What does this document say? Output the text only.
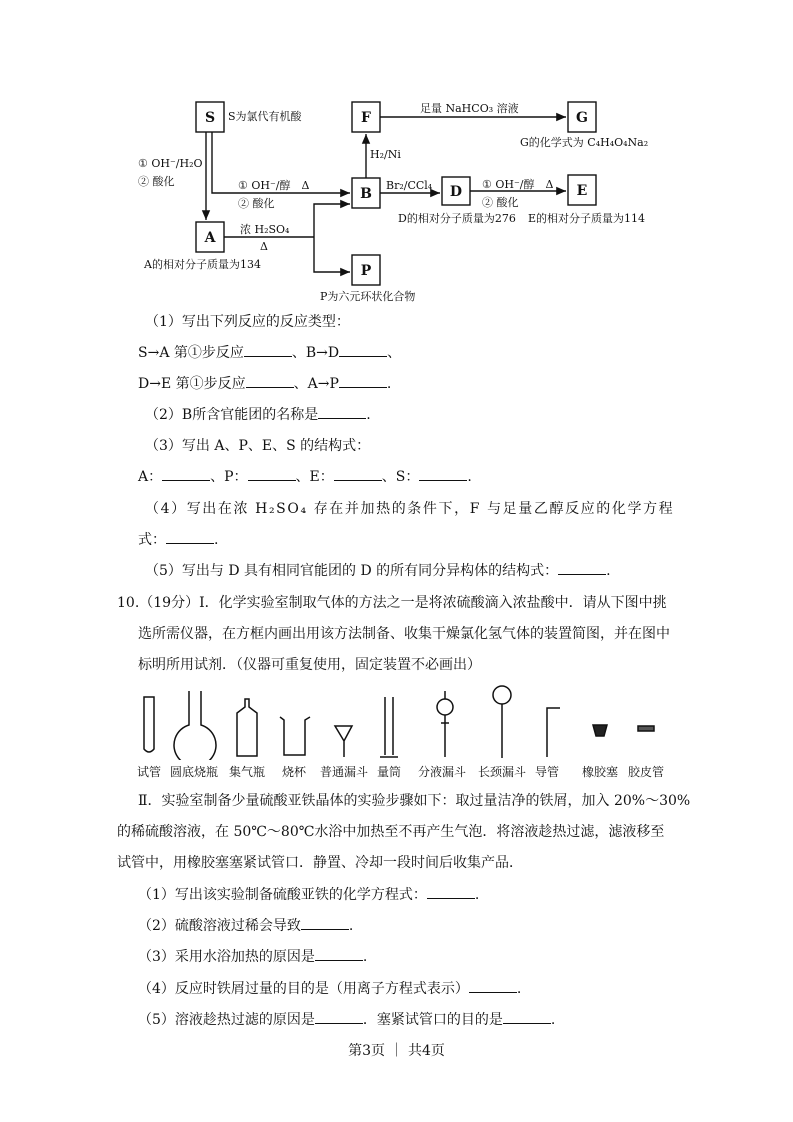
S
A
F
B
P
D
G
E
S为氯代有机酸
① OH⁻/H₂O
② 酸化	① OH⁻/醇　Δ
② 酸化
浓 H₂SO₄
Δ
A的相对分子质量为134
P为六元环状化合物
H₂/Ni
足量 NaHCO₃ 溶液
G的化学式为 C₄H₄O₄Na₂
Br₂/CCl₄
D的相对分子质量为276
① OH⁻/醇　Δ
② 酸化
E的相对分子质量为114
（1）写出下列反应的反应类型：
S→A 第①步反应	、B→D	、
D→E 第①步反应	、A→P	.
（2）B所含官能团的名称是	.
（3）写出 A、P、E、S 的结构式：
A：	、P：	、E：	、S：	.
（4）写出在浓 H₂SO₄ 存在并加热的条件下，F 与足量乙醇反应的化学方程
式：	.
（5）写出与 D 具有相同官能团的 D 的所有同分异构体的结构式：	.
10.（19分）Ⅰ．化学实验室制取气体的方法之一是将浓硫酸滴入浓盐酸中．请从下图中挑
选所需仪器，在方框内画出用该方法制备、收集干燥氯化氢气体的装置简图，并在图中
标明所用试剂．（仪器可重复使用，固定装置不必画出）
试管 圆底烧瓶 集气瓶 烧杯 普通漏斗 量筒 分液漏斗 长颈漏斗 导管 橡胶塞 胶皮管
Ⅱ．实验室制备少量硫酸亚铁晶体的实验步骤如下：取过量洁净的铁屑，加入 20%～30%
的稀硫酸溶液，在 50℃～80℃水浴中加热至不再产生气泡．将溶液趁热过滤，滤液移至
试管中，用橡胶塞塞紧试管口．静置、冷却一段时间后收集产品．
（1）写出该实验制备硫酸亚铁的化学方程式：	.
（2）硫酸溶液过稀会导致	.
（3）采用水浴加热的原因是	.
（4）反应时铁屑过量的目的是（用离子方程式表示）	.
（5）溶液趁热过滤的原因是	．塞紧试管口的目的是	.
第3页 ｜ 共4页
